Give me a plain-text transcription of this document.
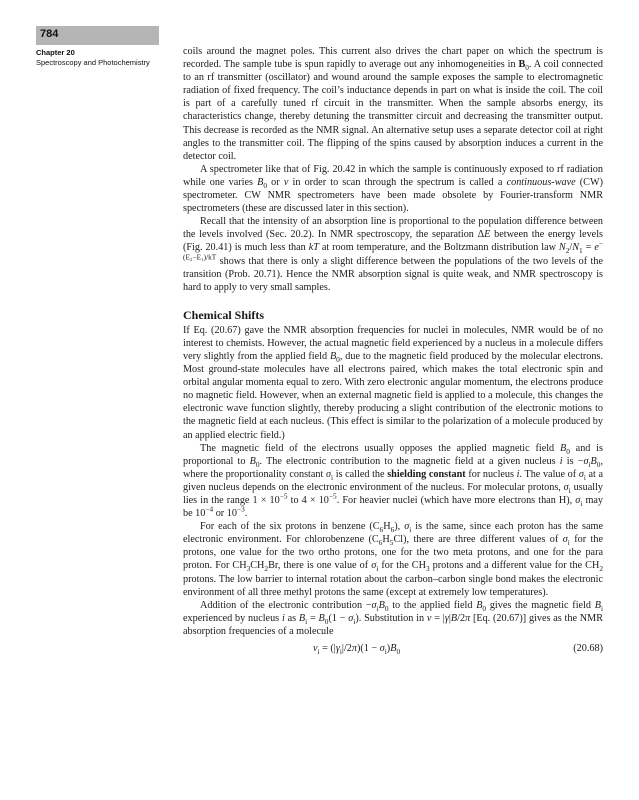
784
Chapter 20
Spectroscopy and Photochemistry

coils around the magnet poles. This current also drives the chart paper on which the spectrum is recorded. The sample tube is spun rapidly to average out any inhomogeneities in $B_0$. A coil connected to an rf transmitter (oscillator) and wound around the sample exposes the sample to electromagnetic radiation of fixed frequency. The coil’s inductance depends in part on what is inside the coil. The coil is part of a carefully tuned rf circuit in the transmitter. When the sample absorbs energy, its characteristics change, thereby detuning the transmitter circuit and decreasing the transmitter output. This decrease is recorded as the NMR signal. An alternative setup uses a separate detector coil at right angles to the transmitter coil. The flipping of the spins caused by absorption induces a current in the detector coil.

A spectrometer like that of Fig. 20.42 in which the sample is continuously exposed to rf radiation while one varies $B_0$ or ν in order to scan through the spectrum is called a continuous-wave (CW) spectrometer. CW NMR spectrometers have been made obsolete by Fourier-transform NMR spectrometers (these are discussed later in this section).

Recall that the intensity of an absorption line is proportional to the population difference between the levels involved (Sec. 20.2). In NMR spectroscopy, the separation ΔE between the energy levels (Fig. 20.41) is much less than kT at room temperature, and the Boltzmann distribution law $N_2/N_1 = e^{-(E_2-E_1)/kT}$ shows that there is only a slight difference between the populations of the two levels of the transition (Prob. 20.71). Hence the NMR absorption signal is quite weak, and NMR spectroscopy is hard to apply to very small samples.

Chemical Shifts

If Eq. (20.67) gave the NMR absorption frequencies for nuclei in molecules, NMR would be of no interest to chemists. However, the actual magnetic field experienced by a nucleus in a molecule differs very slightly from the applied field $B_0$, due to the magnetic field produced by the molecular electrons. Most ground-state molecules have all electrons paired, which makes the total electronic spin and orbital angular momenta equal to zero. With zero electronic angular momentum, the electrons produce no magnetic field. However, when an external magnetic field is applied to a molecule, this changes the electronic wave function slightly, thereby producing a slight contribution of the electronic motions to the magnetic field at each nucleus. (This effect is similar to the polarization of a molecule produced by an applied electric field.)

The magnetic field of the electrons usually opposes the applied magnetic field $B_0$ and is proportional to $B_0$. The electronic contribution to the magnetic field at a given nucleus i is $-\sigma_iB_0$, where the proportionality constant $\sigma_i$ is called the shielding constant for nucleus i. The value of $\sigma_i$ at a given nucleus depends on the electronic environment of the nucleus. For molecular protons, $\sigma_i$ usually lies in the range $1 \times 10^{-5}$ to $4 \times 10^{-5}$. For heavier nuclei (which have more electrons than H), $\sigma_i$ may be $10^{-4}$ or $10^{-3}$.

For each of the six protons in benzene $(C_6H_6)$, $\sigma_i$ is the same, since each proton has the same electronic environment. For chlorobenzene $(C_6H_5Cl)$, there are three different values of $\sigma_i$ for the protons, one value for the two ortho protons, one for the two meta protons, and one for the para proton. For $CH_3CH_2Br$, there is one value of $\sigma_i$ for the $CH_3$ protons and a different value for the $CH_2$ protons. The low barrier to internal rotation about the carbon–carbon single bond makes the electronic environment of all three methyl protons the same (except at extremely low temperatures).

Addition of the electronic contribution $-\sigma_iB_0$ to the applied field $B_0$ gives the magnetic field $B_i$ experienced by nucleus i as $B_i = B_0(1 - \sigma_i)$. Substitution in ν = |γ|B/2π [Eq. (20.67)] gives as the NMR absorption frequencies of a molecule

$\nu_i = (|\gamma_i|/2\pi)(1 - \sigma_i)B_0$	(20.68)
